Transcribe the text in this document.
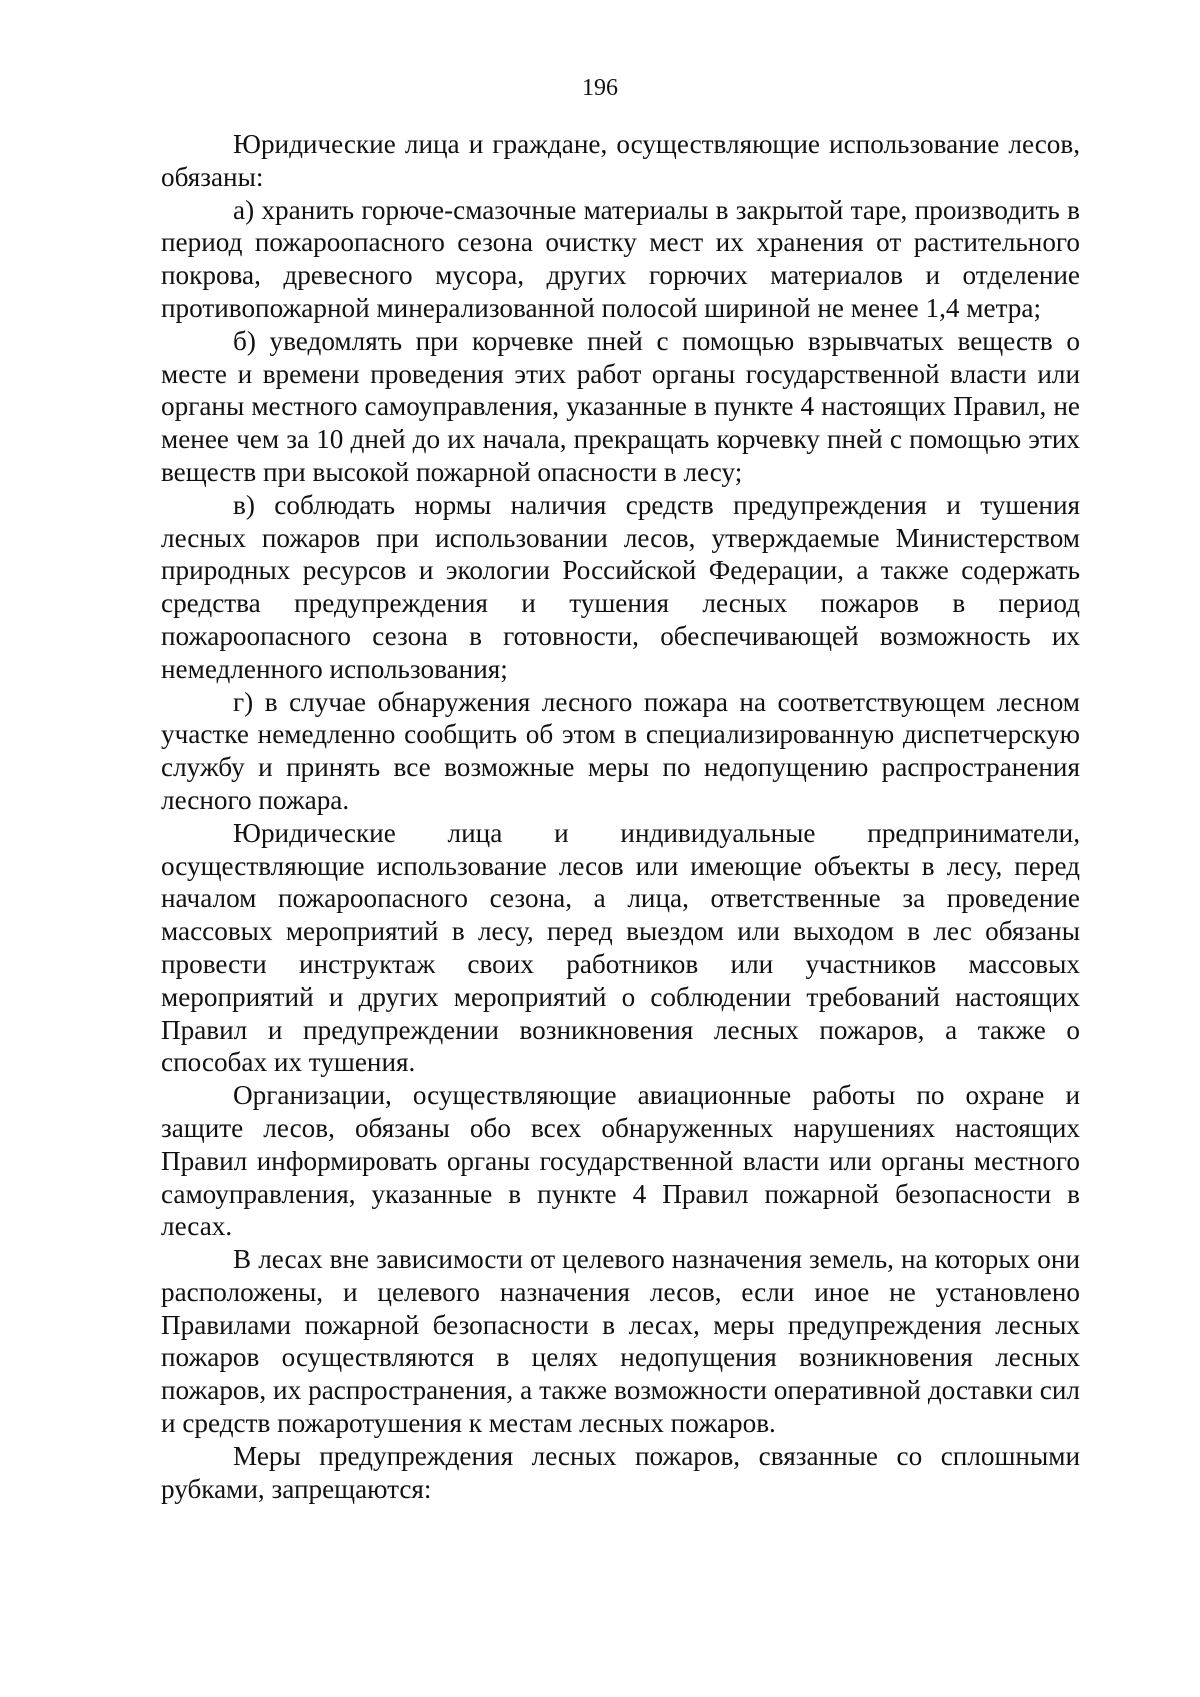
196

Юридические лица и граждане, осуществляющие использование лесов, обязаны:

а) хранить горюче-смазочные материалы в закрытой таре, производить в период пожароопасного сезона очистку мест их хранения от растительного покрова, древесного мусора, других горючих материалов и отделение противопожарной минерализованной полосой шириной не менее 1,4 метра;

б) уведомлять при корчевке пней с помощью взрывчатых веществ о месте и времени проведения этих работ органы государственной власти или органы местного самоуправления, указанные в пункте 4 настоящих Правил, не менее чем за 10 дней до их начала, прекращать корчевку пней с помощью этих веществ при высокой пожарной опасности в лесу;

в) соблюдать нормы наличия средств предупреждения и тушения лесных пожаров при использовании лесов, утверждаемые Министерством природных ресурсов и экологии Российской Федерации, а также содержать средства предупреждения и тушения лесных пожаров в период пожароопасного сезона в готовности, обеспечивающей возможность их немедленного использования;

г) в случае обнаружения лесного пожара на соответствующем лесном участке немедленно сообщить об этом в специализированную диспетчерскую службу и принять все возможные меры по недопущению распространения лесного пожара.

Юридические лица и индивидуальные предприниматели, осуществляющие использование лесов или имеющие объекты в лесу, перед началом пожароопасного сезона, а лица, ответственные за проведение массовых мероприятий в лесу, перед выездом или выходом в лес обязаны провести инструктаж своих работников или участников массовых мероприятий и других мероприятий о соблюдении требований настоящих Правил и предупреждении возникновения лесных пожаров, а также о способах их тушения.

Организации, осуществляющие авиационные работы по охране и защите лесов, обязаны обо всех обнаруженных нарушениях настоящих Правил информировать органы государственной власти или органы местного самоуправления, указанные в пункте 4 Правил пожарной безопасности в лесах.

В лесах вне зависимости от целевого назначения земель, на которых они расположены, и целевого назначения лесов, если иное не установлено Правилами пожарной безопасности в лесах, меры предупреждения лесных пожаров осуществляются в целях недопущения возникновения лесных пожаров, их распространения, а также возможности оперативной доставки сил и средств пожаротушения к местам лесных пожаров.

Меры предупреждения лесных пожаров, связанные со сплошными рубками, запрещаются:
